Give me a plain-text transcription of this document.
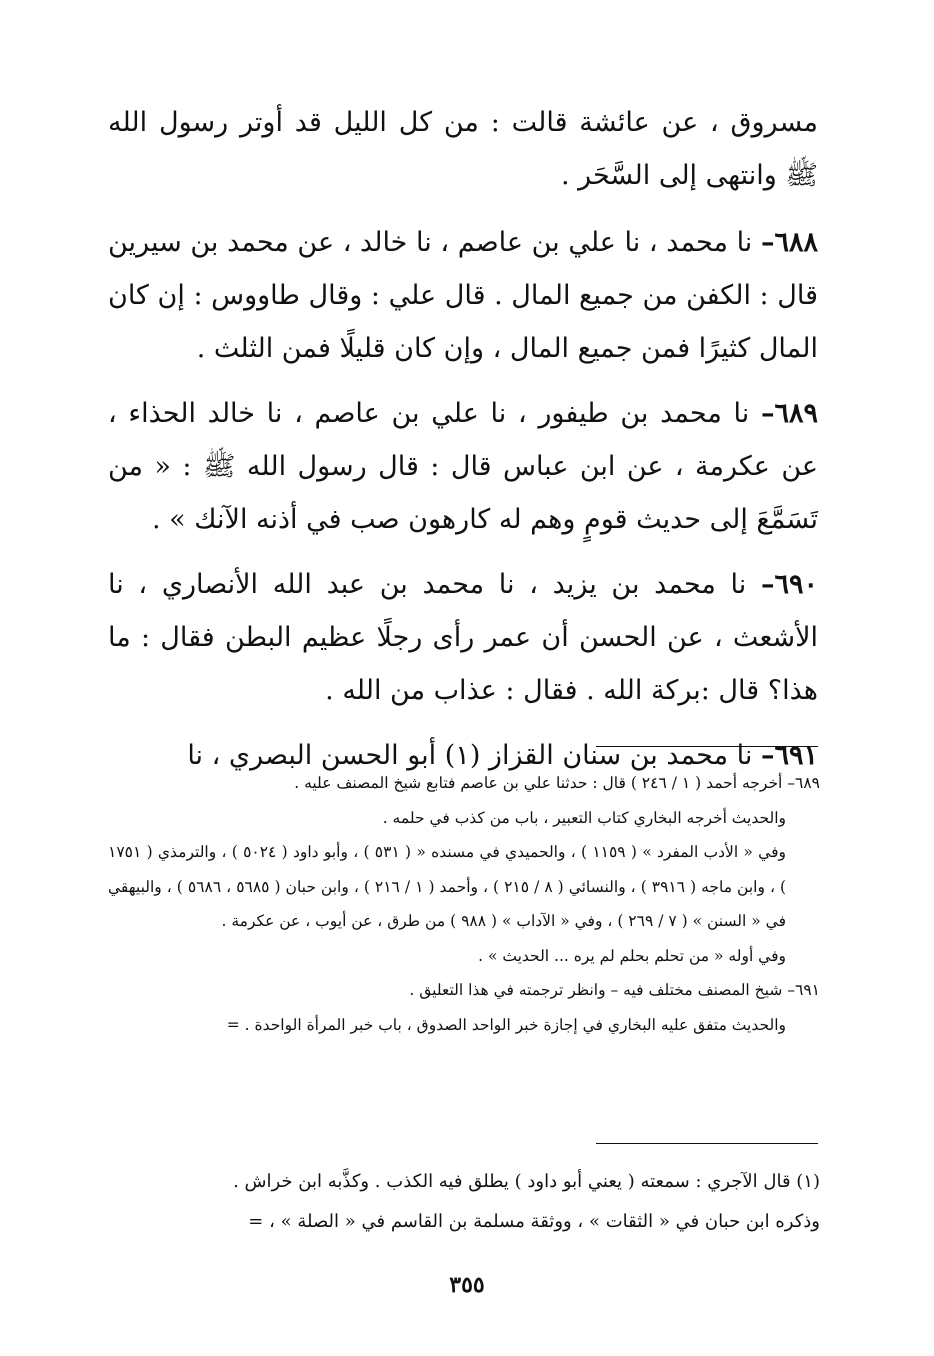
مسروق ، عن عائشة قالت : من كل الليل قد أوتر رسول الله ﷺ وانتهى إلى السَّحَر .

٦٨٨– نا محمد ، نا علي بن عاصم ، نا خالد ، عن محمد بن سيرين قال : الكفن من جميع المال . قال علي : وقال طاووس : إن كان المال كثيرًا فمن جميع المال ، وإن كان قليلًا فمن الثلث .

٦٨٩– نا محمد بن طيفور ، نا علي بن عاصم ، نا خالد الحذاء ، عن عكرمة ، عن ابن عباس قال : قال رسول الله ﷺ : « من تَسَمَّعَ إلى حديث قومٍ وهم له كارهون صب في أذنه الآنك » .

٦٩٠– نا محمد بن يزيد ، نا محمد بن عبد الله الأنصاري ، نا الأشعث ، عن الحسن أن عمر رأى رجلًا عظيم البطن فقال : ما هذا؟ قال :بركة الله . فقال : عذاب من الله .

٦٩١– نا محمد بن سنان القزاز (١) أبو الحسن البصري ، نا

٦٨٩– أخرجه أحمد ( ١ / ٢٤٦ ) قال : حدثنا علي بن عاصم فتابع شيخ المصنف عليه .

والحديث أخرجه البخاري كتاب التعبير ، باب من كذب في حلمه .

وفي « الأدب المفرد » ( ١١٥٩ ) ، والحميدي في مسنده « ( ٥٣١ ) ، وأبو داود ( ٥٠٢٤ ) ، والترمذي ( ١٧٥١ ) ، وابن ماجه ( ٣٩١٦ ) ، والنسائي ( ٨ / ٢١٥ ) ، وأحمد ( ١ / ٢١٦ ) ، وابن حبان ( ٥٦٨٥ ، ٥٦٨٦ ) ، والبيهقي في « السنن » ( ٧ / ٢٦٩ ) ، وفي « الآداب » ( ٩٨٨ ) من طرق ، عن أيوب ، عن عكرمة .

وفي أوله « من تحلم بحلم لم يره ... الحديث » .

٦٩١– شيخ المصنف مختلف فيه – وانظر ترجمته في هذا التعليق .

والحديث متفق عليه البخاري في إجازة خبر الواحد الصدوق ، باب خبر المرأة الواحدة . =

(١) قال الآجري : سمعته ( يعني أبو داود ) يطلق فيه الكذب . وكذَّبه ابن خراش .

وذكره ابن حبان في « الثقات » ، ووثقة مسلمة بن القاسم في « الصلة » ، =

٣٥٥
